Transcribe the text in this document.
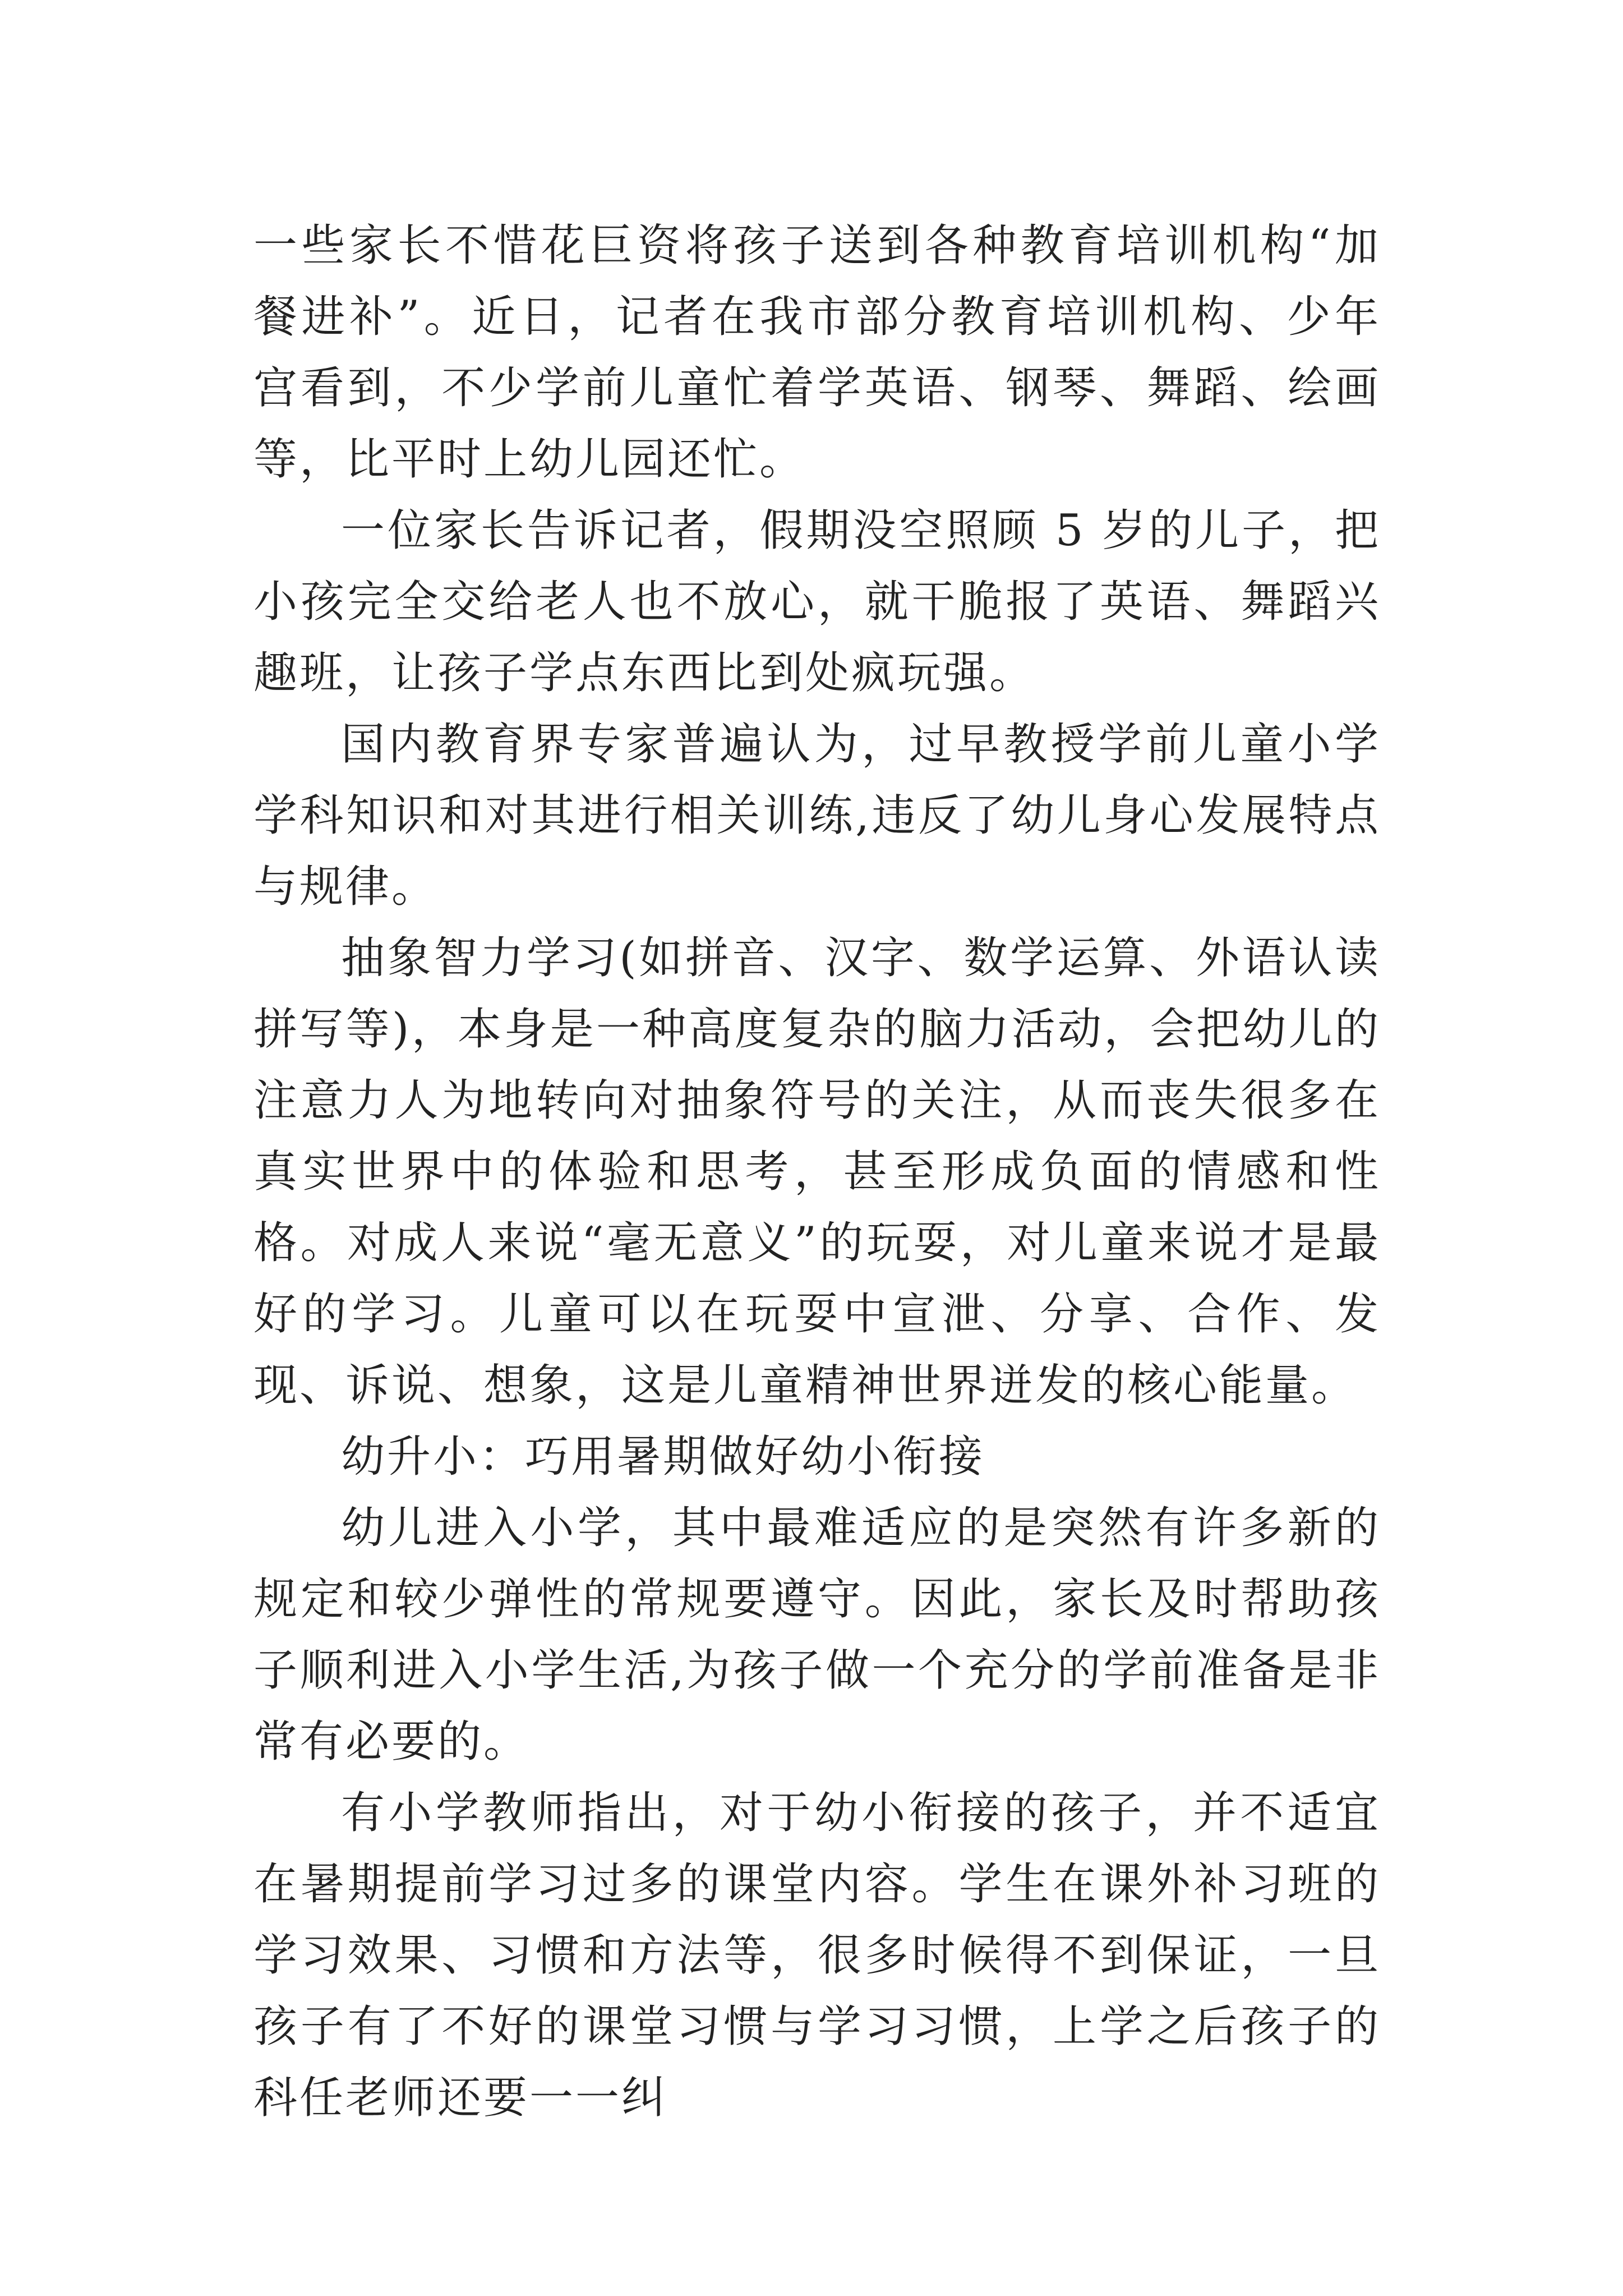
一些家长不惜花巨资将孩子送到各种教育培训机构“加餐进补”。近日，记者在我市部分教育培训机构、少年宫看到，不少学前儿童忙着学英语、钢琴、舞蹈、绘画等，比平时上幼儿园还忙。

一位家长告诉记者，假期没空照顾 5 岁的儿子，把小孩完全交给老人也不放心，就干脆报了英语、舞蹈兴趣班，让孩子学点东西比到处疯玩强。

国内教育界专家普遍认为，过早教授学前儿童小学学科知识和对其进行相关训练,违反了幼儿身心发展特点与规律。

抽象智力学习(如拼音、汉字、数学运算、外语认读拼写等)，本身是一种高度复杂的脑力活动，会把幼儿的注意力人为地转向对抽象符号的关注，从而丧失很多在真实世界中的体验和思考，甚至形成负面的情感和性格。对成人来说“毫无意义”的玩耍，对儿童来说才是最好的学习。儿童可以在玩耍中宣泄、分享、合作、发现、诉说、想象，这是儿童精神世界迸发的核心能量。

幼升小：巧用暑期做好幼小衔接

幼儿进入小学，其中最难适应的是突然有许多新的规定和较少弹性的常规要遵守。因此，家长及时帮助孩子顺利进入小学生活,为孩子做一个充分的学前准备是非常有必要的。

有小学教师指出，对于幼小衔接的孩子，并不适宜在暑期提前学习过多的课堂内容。学生在课外补习班的学习效果、习惯和方法等，很多时候得不到保证，一旦孩子有了不好的课堂习惯与学习习惯，上学之后孩子的科任老师还要一一纠
